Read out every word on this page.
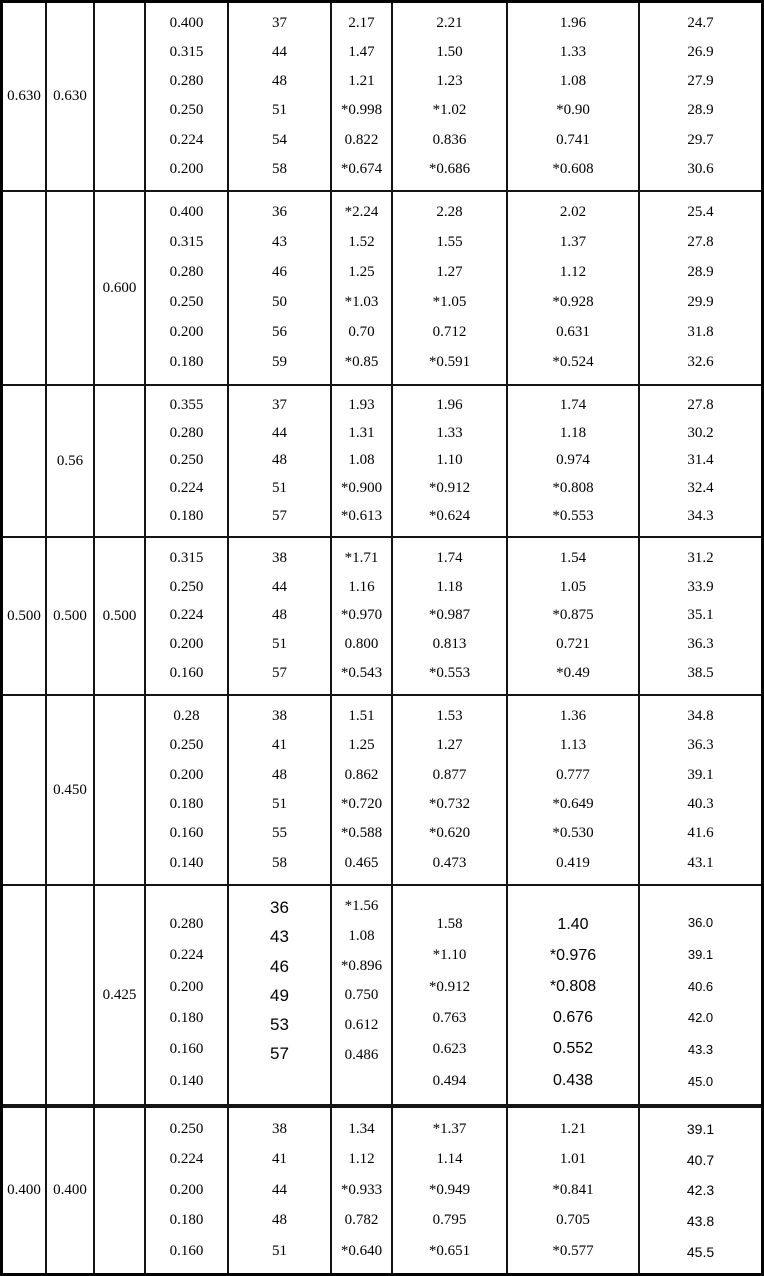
0.630 0.630
0.400
0.315
0.280
0.250
0.224
0.200
37
44
48
51
54
58
2.17
1.47
1.21
*0.998
0.822
*0.674
2.21
1.50
1.23
*1.02
0.836
*0.686
1.96
1.33
1.08
*0.90
0.741
*0.608
24.7
26.9
27.9
28.9
29.7
30.6
0.600
0.400
0.315
0.280
0.250
0.200
0.180
36
43
46
50
56
59
*2.24
1.52
1.25
*1.03
0.70
*0.85
2.28
1.55
1.27
*1.05
0.712
*0.591
2.02
1.37
1.12
*0.928
0.631
*0.524
25.4
27.8
28.9
29.9
31.8
32.6
0.56
0.355
0.280
0.250
0.224
0.180
37
44
48
51
57
1.93
1.31
1.08
*0.900
*0.613
1.96
1.33
1.10
*0.912
*0.624
1.74
1.18
0.974
*0.808
*0.553
27.8
30.2
31.4
32.4
34.3
0.500 0.500	0.500
0.315
0.250
0.224
0.200
0.160
38
44
48
51
57
*1.71
1.16
*0.970
0.800
*0.543
1.74
1.18
*0.987
0.813
*0.553
1.54
1.05
*0.875
0.721
*0.49
31.2
33.9
35.1
36.3
38.5
0.450
0.28
0.250
0.200
0.180
0.160
0.140
38
41
48
51
55
58
1.51
1.25
0.862
*0.720
*0.588
0.465
1.53
1.27
0.877
*0.732
*0.620
0.473
1.36
1.13
0.777
*0.649
*0.530
0.419
34.8
36.3
39.1
40.3
41.6
43.1
0.425
0.280
0.224
0.200
0.180
0.160
0.140
36
43
46
49
53
57
*1.56
1.08
*0.896
0.750
0.612
0.486
1.58
*1.10
*0.912
0.763
0.623
0.494
1.40
*0.976
*0.808
0.676
0.552
0.438
36.0
39.1
40.6
42.0
43.3
45.0
0.400 0.400
0.250
0.224
0.200
0.180
0.160
38
41
44
48
51
1.34
1.12
*0.933
0.782
*0.640
*1.37
1.14
*0.949
0.795
*0.651
1.21
1.01
*0.841
0.705
*0.577
39.1
40.7
42.3
43.8
45.5
